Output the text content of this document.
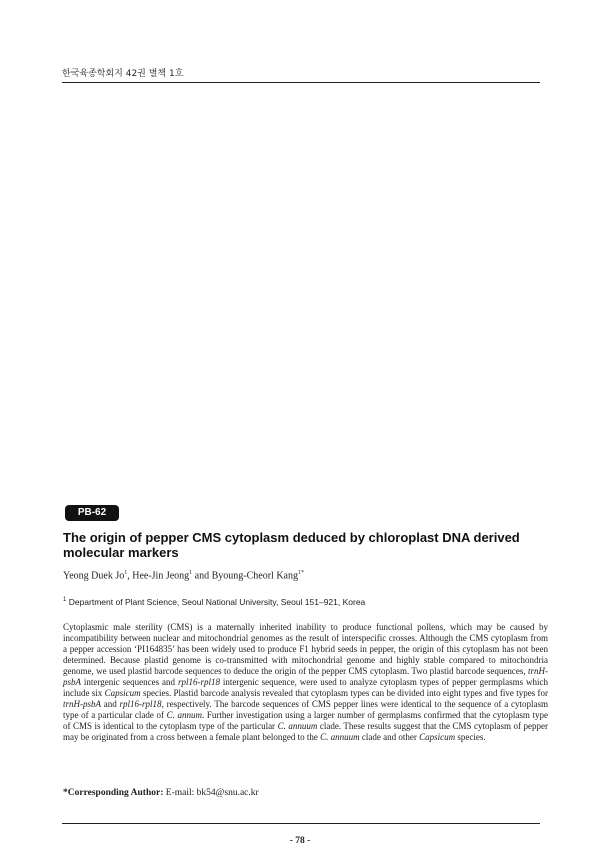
한국육종학회지 42권 별책 1호
PB-62
The origin of pepper CMS cytoplasm deduced by chloroplast DNA derived molecular markers
Yeong Duek Jo$^1$, Hee-Jin Jeong$^1$ and Byoung-Cheorl Kang$^{1*}$
$^1$ Department of Plant Science, Seoul National University, Seoul 151–921, Korea

Cytoplasmic male sterility (CMS) is a maternally inherited inability to produce functional pollens, which may be caused by incompatibility between nuclear and mitochondrial genomes as the result of interspecific crosses. Although the CMS cytoplasm from a pepper accession ‘PI164835’ has been widely used to produce F1 hybrid seeds in pepper, the origin of this cytoplasm has not been determined. Because plastid genome is co-transmitted with mitochondrial genome and highly stable compared to mitochondria genome, we used plastid barcode sequences to deduce the origin of the pepper CMS cytoplasm. Two plastid barcode sequences, trnH-psbA intergenic sequences and rpl16-rpl18 intergenic sequence, were used to analyze cytoplasm types of pepper germplasms which include six Capsicum species. Plastid barcode analysis revealed that cytoplasm types can be divided into eight types and five types for trnH-psbA and rpl16-rpl18, respectively. The barcode sequences of CMS pepper lines were identical to the sequence of a cytoplasm type of a particular clade of C. annum. Further investigation using a larger number of germplasms confirmed that the cytoplasm type of CMS is identical to the cytoplasm type of the particular C. annuum clade. These results suggest that the CMS cytoplasm of pepper may be originated from a cross between a female plant belonged to the C. annuum clade and other Capsicum species.

*Corresponding Author: E-mail: bk54@snu.ac.kr
- 78 -
